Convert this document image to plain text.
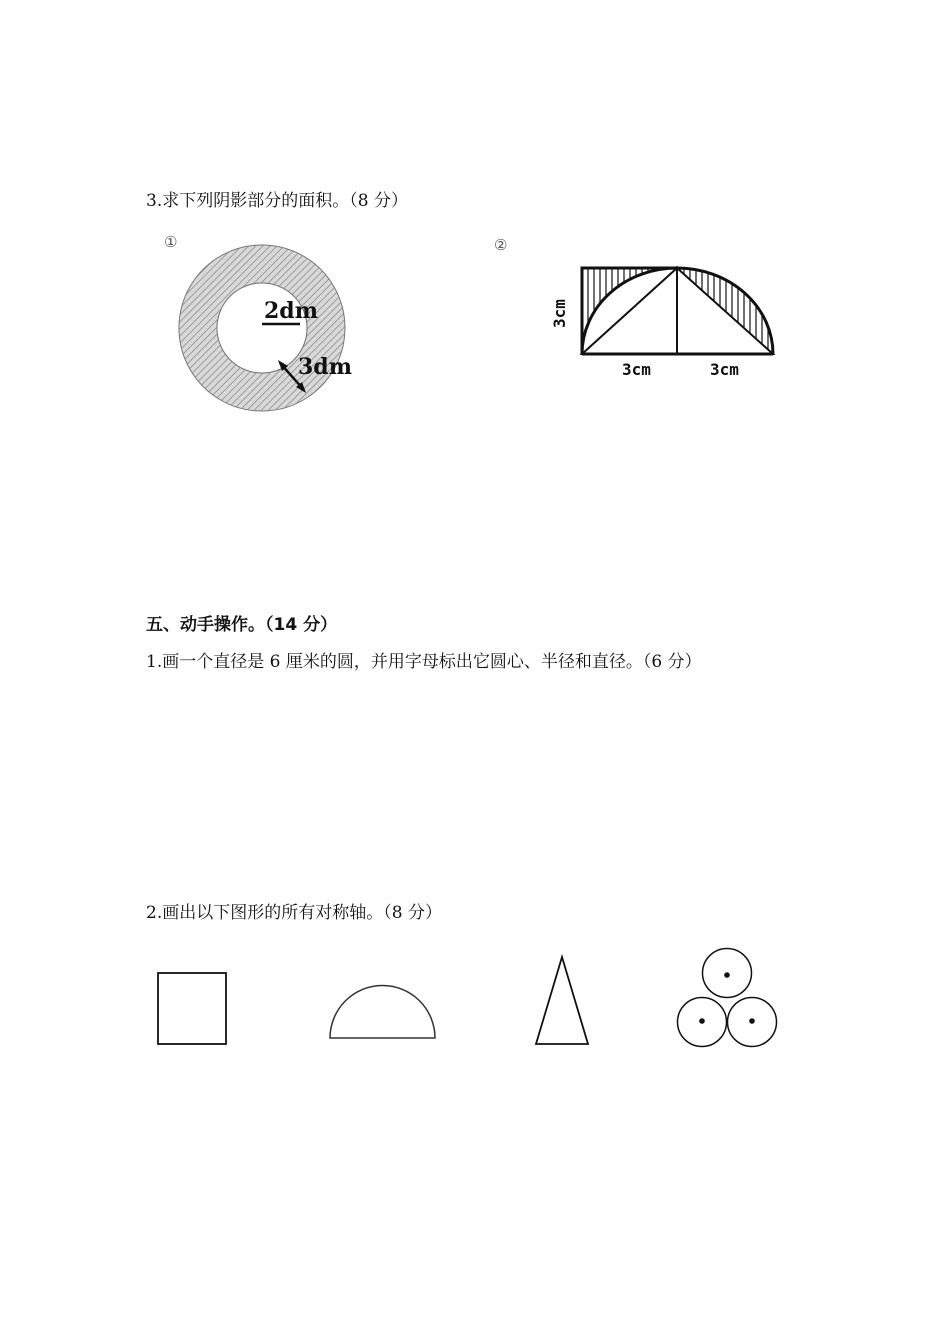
3.求下列阴影部分的面积。（8 分）
①
2dm
3dm
②
3cm
3cm	3cm
五、动手操作。（14 分）
1.画一个直径是 6 厘米的圆，并用字母标出它圆心、半径和直径。（6 分）
2.画出以下图形的所有对称轴。（8 分）
